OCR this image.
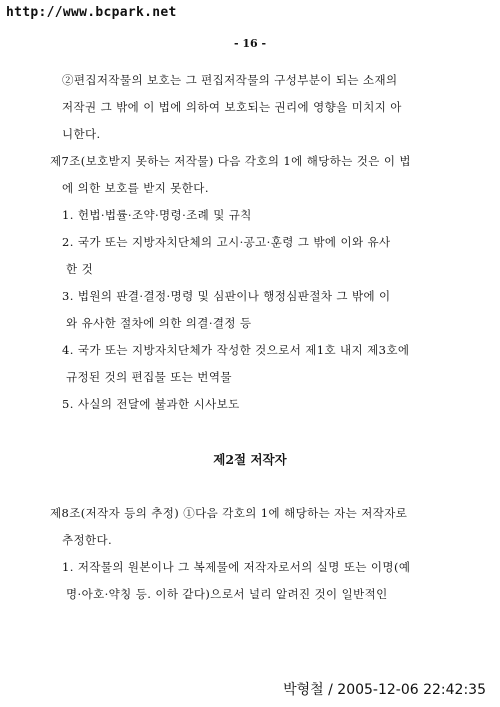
http://www.bcpark.net
- 16 -
②편집저작물의 보호는 그 편집저작물의 구성부분이 되는 소재의
저작권 그 밖에 이 법에 의하여 보호되는 권리에 영향을 미치지 아
니한다.
제7조(보호받지 못하는 저작물) 다음 각호의 1에 해당하는 것은 이 법
에 의한 보호를 받지 못한다.
1. 헌법·법률·조약·명령·조례 및 규칙
2. 국가 또는 지방자치단체의 고시·공고·훈령 그 밖에 이와 유사
한 것
3. 법원의 판결·결정·명령 및 심판이나 행정심판절차 그 밖에 이
와 유사한 절차에 의한 의결·결정 등
4. 국가 또는 지방자치단체가 작성한 것으로서 제1호 내지 제3호에
규정된 것의 편집물 또는 번역물
5. 사실의 전달에 불과한 시사보도
제2절 저작자
제8조(저작자 등의 추정) ①다음 각호의 1에 해당하는 자는 저작자로
추정한다.
1. 저작물의 원본이나 그 복제물에 저작자로서의 실명 또는 이명(예
명·아호·약칭 등. 이하 같다)으로서 널리 알려진 것이 일반적인
박형철 / 2005-12-06 22:42:35
